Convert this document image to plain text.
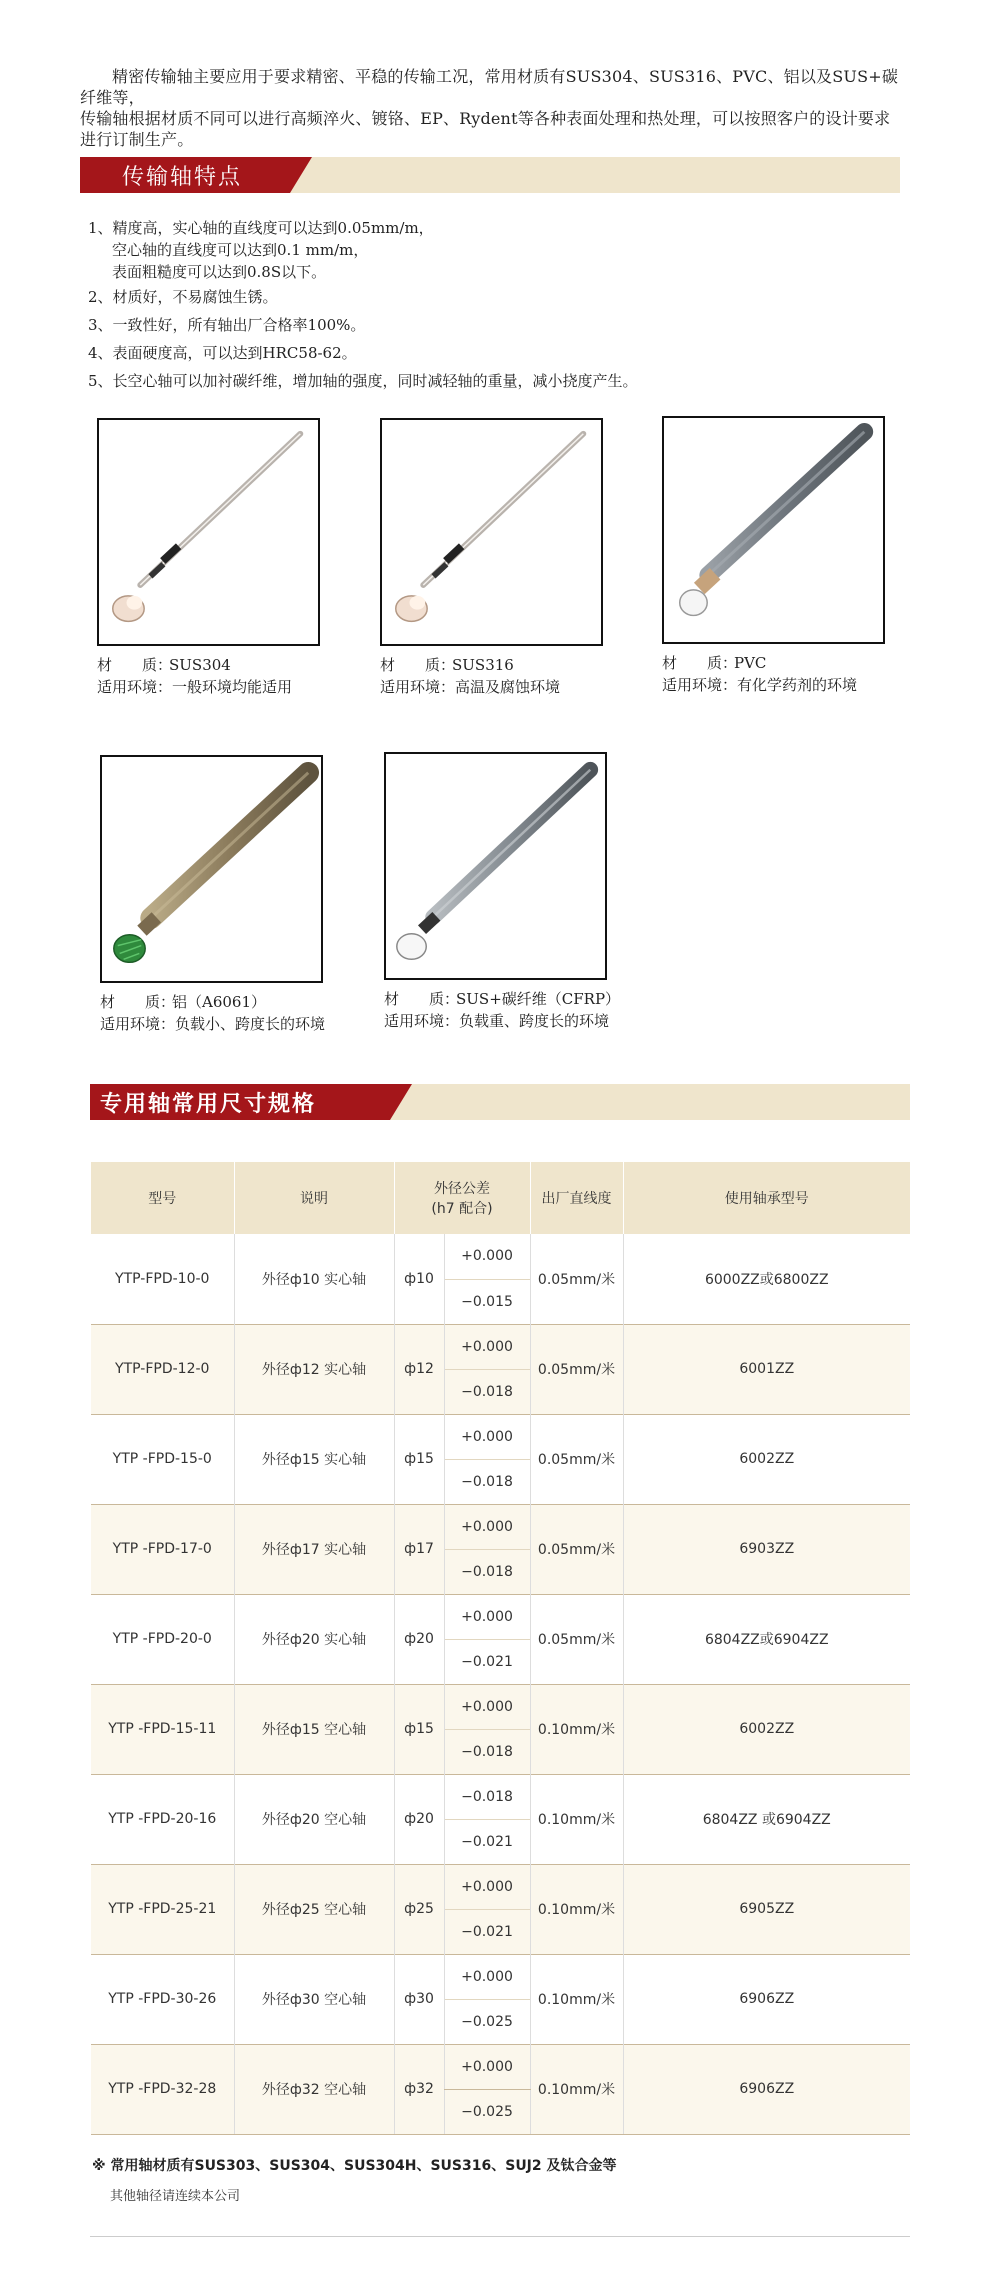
精密传输轴主要应用于要求精密、平稳的传输工况，常用材质有SUS304、SUS316、PVC、铝以及SUS+碳纤维等，

传输轴根据材质不同可以进行高频淬火、镀铬、EP、Rydent等各种表面处理和热处理，可以按照客户的设计要求

进行订制生产。

传输轴特点
1、精度高，实心轴的直线度可以达到0.05mm/m，
空心轴的直线度可以达到0.1 mm/m，
表面粗糙度可以达到0.8S以下。
2、材质好，不易腐蚀生锈。
3、一致性好，所有轴出厂合格率100%。
4、表面硬度高，可以达到HRC58-62。
5、长空心轴可以加衬碳纤维，增加轴的强度，同时减轻轴的重量，减小挠度产生。
材　　质：SUS304
适用环境：一般环境均能适用
材　　质：SUS316
适用环境：高温及腐蚀环境
材　　质：PVC
适用环境：有化学药剂的环境
材　　质：铝（A6061）
适用环境：负载小、跨度长的环境
材　　质：SUS+碳纤维（CFRP）
适用环境：负载重、跨度长的环境
专用轴常用尺寸规格
型号	说明	外径公差
(h7 配合)		出厂直线度	使用轴承型号
YTP-FPD-10-0	外径ф10 实心轴	ф10	+0.000	0.05mm/米	6000ZZ或6800ZZ
			−0.015		
YTP-FPD-12-0	外径ф12 实心轴	ф12	+0.000	0.05mm/米	6001ZZ
			−0.018		
YTP -FPD-15-0	外径ф15 实心轴	ф15	+0.000	0.05mm/米	6002ZZ
			−0.018		
YTP -FPD-17-0	外径ф17 实心轴	ф17	+0.000	0.05mm/米	6903ZZ
			−0.018		
YTP -FPD-20-0	外径ф20 实心轴	ф20	+0.000	0.05mm/米	6804ZZ或6904ZZ
			−0.021		
YTP -FPD-15-11	外径ф15 空心轴	ф15	+0.000	0.10mm/米	6002ZZ
			−0.018		
YTP -FPD-20-16	外径ф20 空心轴	ф20	−0.018	0.10mm/米	6804ZZ 或6904ZZ
			−0.021		
YTP -FPD-25-21	外径ф25 空心轴	ф25	+0.000	0.10mm/米	6905ZZ
			−0.021		
YTP -FPD-30-26	外径ф30 空心轴	ф30	+0.000	0.10mm/米	6906ZZ
			−0.025		
YTP -FPD-32-28	外径ф32 空心轴	ф32	+0.000	0.10mm/米	6906ZZ
			−0.025		
※ 常用轴材质有SUS303、SUS304、SUS304H、SUS316、SUJ2 及钛合金等
其他轴径请连续本公司
